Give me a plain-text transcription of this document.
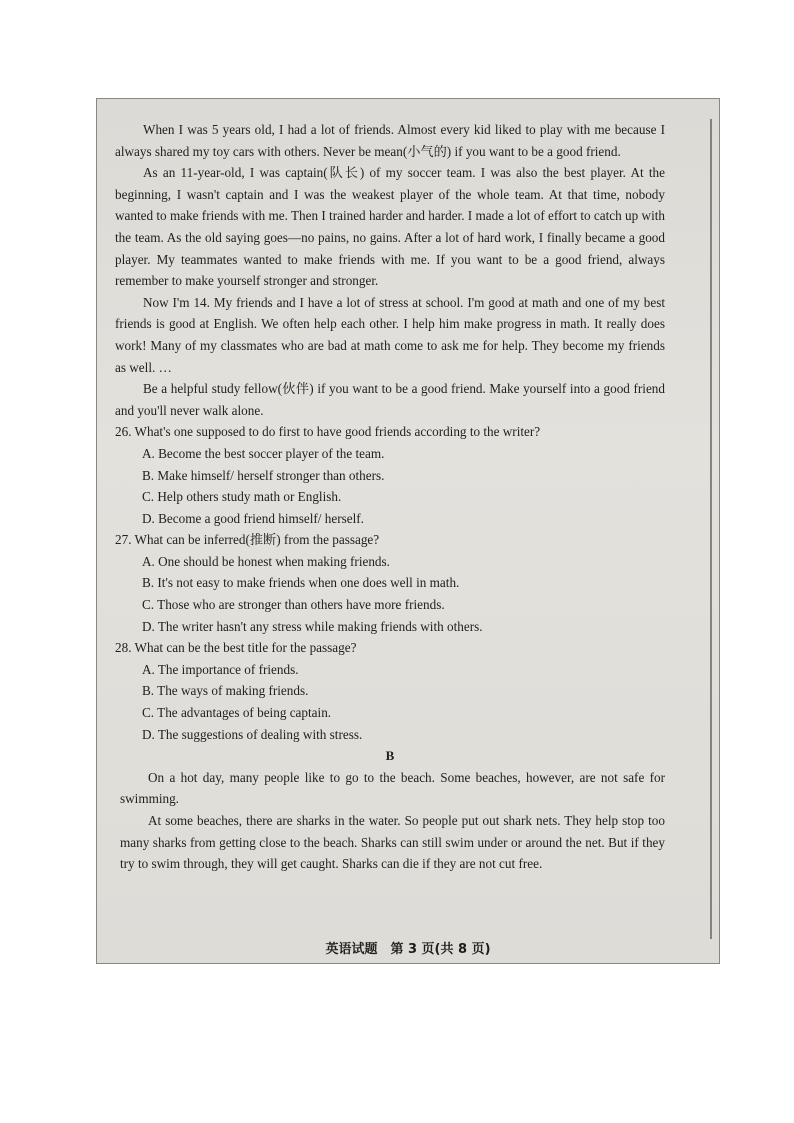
When I was 5 years old, I had a lot of friends. Almost every kid liked to play with me because I always shared my toy cars with others. Never be mean(小气的) if you want to be a good friend.

As an 11-year-old, I was captain(队长) of my soccer team. I was also the best player. At the beginning, I wasn't captain and I was the weakest player of the whole team. At that time, nobody wanted to make friends with me. Then I trained harder and harder. I made a lot of effort to catch up with the team. As the old saying goes—no pains, no gains. After a lot of hard work, I finally became a good player. My teammates wanted to make friends with me. If you want to be a good friend, always remember to make yourself stronger and stronger.

Now I'm 14. My friends and I have a lot of stress at school. I'm good at math and one of my best friends is good at English. We often help each other. I help him make progress in math. It really does work! Many of my classmates who are bad at math come to ask me for help. They become my friends as well. …

Be a helpful study fellow(伙伴) if you want to be a good friend. Make yourself into a good friend and you'll never walk alone.

26. What's one supposed to do first to have good friends according to the writer?

A. Become the best soccer player of the team.

B. Make himself/ herself stronger than others.

C. Help others study math or English.

D. Become a good friend himself/ herself.

27. What can be inferred(推断) from the passage?

A. One should be honest when making friends.

B. It's not easy to make friends when one does well in math.

C. Those who are stronger than others have more friends.

D. The writer hasn't any stress while making friends with others.

28. What can be the best title for the passage?

A. The importance of friends.

B. The ways of making friends.

C. The advantages of being captain.

D. The suggestions of dealing with stress.

B

On a hot day, many people like to go to the beach. Some beaches, however, are not safe for swimming.

At some beaches, there are sharks in the water. So people put out shark nets. They help stop too many sharks from getting close to the beach. Sharks can still swim under or around the net. But if they try to swim through, they will get caught. Sharks can die if they are not cut free.

英语试题　第 3 页(共 8 页)
